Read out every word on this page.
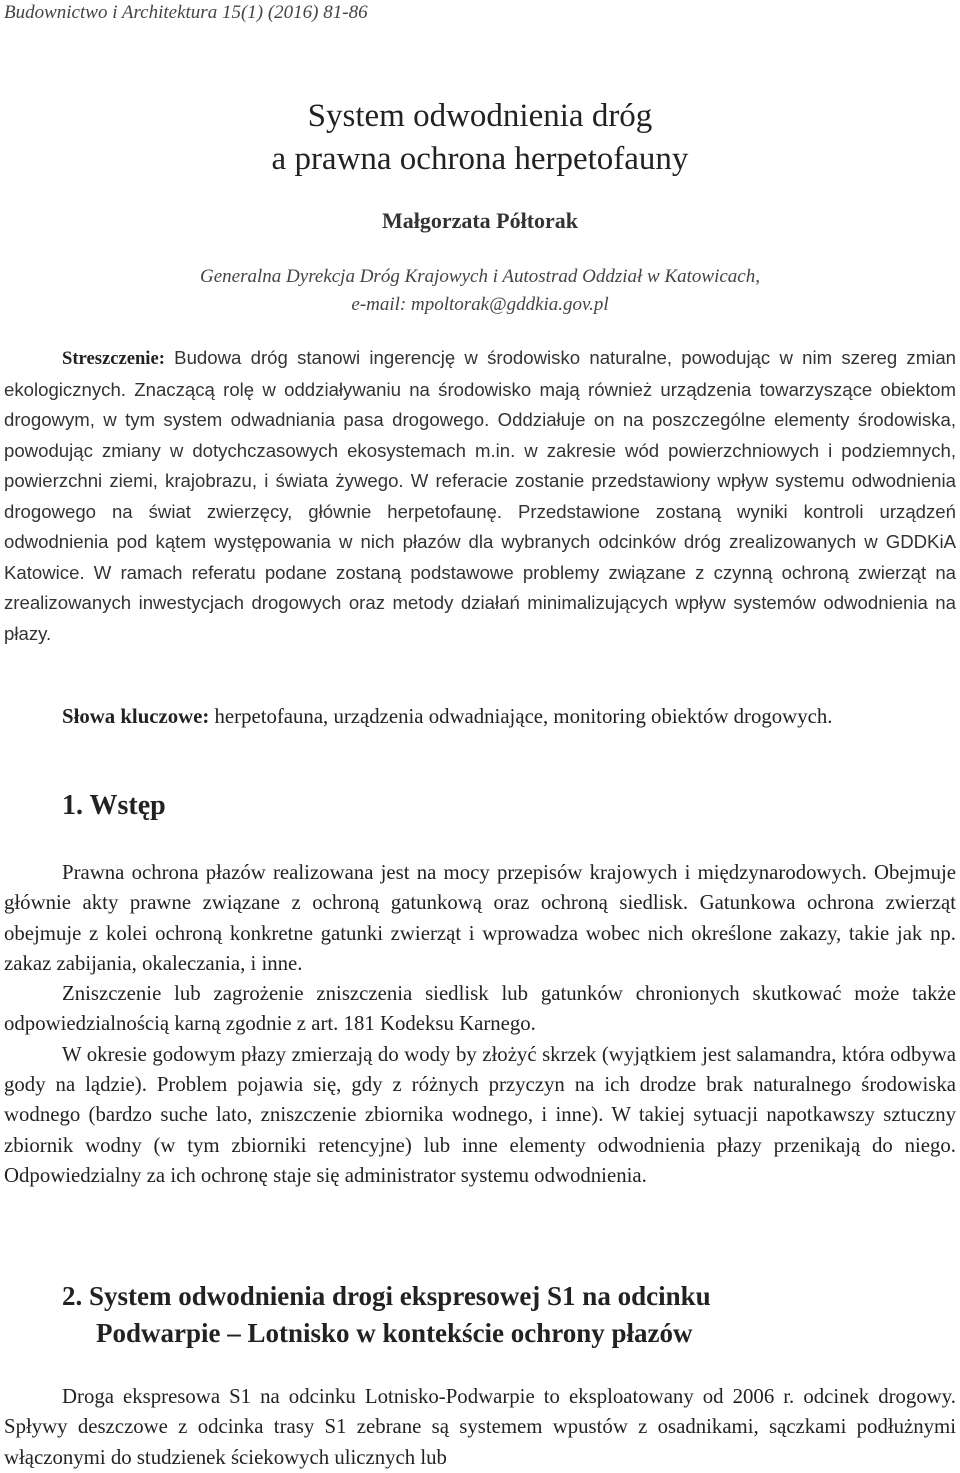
Budownictwo i Architektura 15(1) (2016) 81-86
System odwodnienia dróg
a prawna ochrona herpetofauny
Małgorzata Półtorak
Generalna Dyrekcja Dróg Krajowych i Autostrad Oddział w Katowicach,
e-mail: mpoltorak@gddkia.gov.pl

Streszczenie: Budowa dróg stanowi ingerencję w środowisko naturalne, powodując w nim szereg zmian ekologicznych. Znaczącą rolę w oddziaływaniu na środowisko mają również urządzenia towarzyszące obiektom drogowym, w tym system odwadniania pasa drogowego. Oddziałuje on na poszczególne elementy środowiska, powodując zmiany w dotychczasowych ekosystemach m.in. w zakresie wód powierzchniowych i podziemnych, powierzchni ziemi, krajobrazu, i świata żywego. W referacie zostanie przedstawiony wpływ systemu odwodnienia drogowego na świat zwierzęcy, głównie herpetofaunę. Przedstawione zostaną wyniki kontroli urządzeń odwodnienia pod kątem występowania w nich płazów dla wybranych odcinków dróg zrealizowanych w GDDKiA Katowice. W ramach referatu podane zostaną podstawowe problemy związane z czynną ochroną zwierząt na zrealizowanych inwestycjach drogowych oraz metody działań minimalizujących wpływ systemów odwodnienia na płazy.

Słowa kluczowe: herpetofauna, urządzenia odwadniające, monitoring obiektów drogowych.

1. Wstęp

Prawna ochrona płazów realizowana jest na mocy przepisów krajowych i międzynarodowych. Obejmuje głównie akty prawne związane z ochroną gatunkową oraz ochroną siedlisk. Gatunkowa ochrona zwierząt obejmuje z kolei ochroną konkretne gatunki zwierząt i wprowadza wobec nich określone zakazy, takie jak np. zakaz zabijania, okaleczania, i inne.

Zniszczenie lub zagrożenie zniszczenia siedlisk lub gatunków chronionych skutkować może także odpowiedzialnością karną zgodnie z art. 181 Kodeksu Karnego.

W okresie godowym płazy zmierzają do wody by złożyć skrzek (wyjątkiem jest salamandra, która odbywa gody na lądzie). Problem pojawia się, gdy z różnych przyczyn na ich drodze brak naturalnego środowiska wodnego (bardzo suche lato, zniszczenie zbiornika wodnego, i inne). W takiej sytuacji napotkawszy sztuczny zbiornik wodny (w tym zbiorniki retencyjne) lub inne elementy odwodnienia płazy przenikają do niego. Odpowiedzialny za ich ochronę staje się administrator systemu odwodnienia.

2. System odwodnienia drogi ekspresowej S1 na odcinku
Podwarpie – Lotnisko w kontekście ochrony płazów

Droga ekspresowa S1 na odcinku Lotnisko-Podwarpie to eksploatowany od 2006 r. odcinek drogowy. Spływy deszczowe z odcinka trasy S1 zebrane są systemem wpustów z osadnikami, sączkami podłużnymi włączonymi do studzienek ściekowych ulicznych lub
